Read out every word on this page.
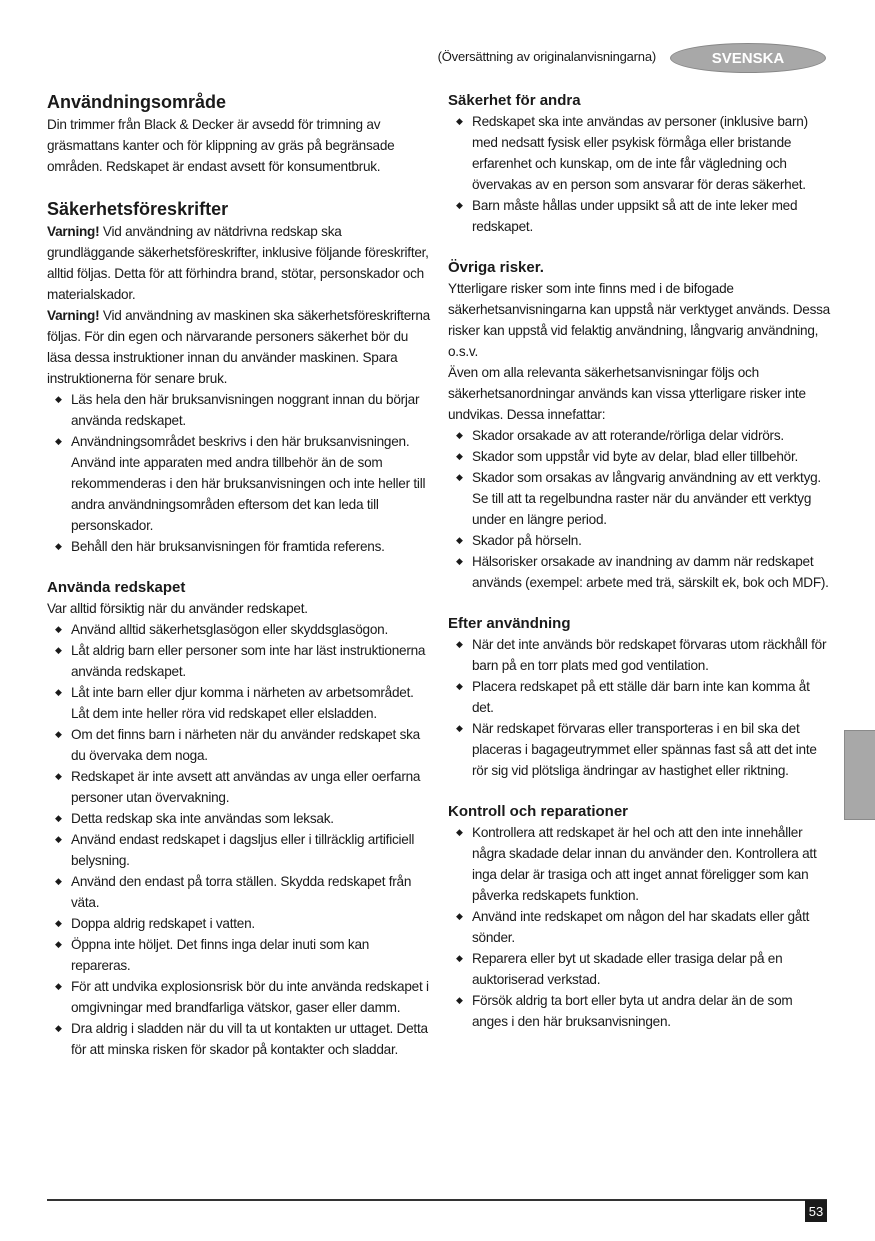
(Översättning av originalanvisningarna)	SVENSKA
Användningsområde

Din trimmer från Black & Decker är avsedd för trimning av gräsmattans kanter och för klippning av gräs på begränsade områden. Redskapet är endast avsett för konsumentbruk.

Säkerhetsföreskrifter

Varning! Vid användning av nätdrivna redskap ska grundläggande säkerhetsföreskrifter, inklusive följande föreskrifter, alltid följas. Detta för att förhindra brand, stötar, personskador och materialskador.

Varning! Vid användning av maskinen ska säkerhetsföreskrifterna följas. För din egen och närvarande personers säkerhet bör du läsa dessa instruktioner innan du använder maskinen. Spara instruktionerna för senare bruk.

◆ Läs hela den här bruksanvisningen noggrant innan du börjar använda redskapet.
◆ Användningsområdet beskrivs i den här bruksanvisningen. Använd inte apparaten med andra tillbehör än de som rekommenderas i den här bruksanvisningen och inte heller till andra användningsområden eftersom det kan leda till personskador.
◆ Behåll den här bruksanvisningen för framtida referens.
Använda redskapet

Var alltid försiktig när du använder redskapet.

◆ Använd alltid säkerhetsglasögon eller skyddsglasögon.
◆ Låt aldrig barn eller personer som inte har läst instruktionerna använda redskapet.
◆ Låt inte barn eller djur komma i närheten av arbetsområdet. Låt dem inte heller röra vid redskapet eller elsladden.
◆ Om det finns barn i närheten när du använder redskapet ska du övervaka dem noga.
◆ Redskapet är inte avsett att användas av unga eller oerfarna personer utan övervakning.
◆ Detta redskap ska inte användas som leksak.
◆ Använd endast redskapet i dagsljus eller i tillräcklig artificiell belysning.
◆ Använd den endast på torra ställen. Skydda redskapet från väta.
◆ Doppa aldrig redskapet i vatten.
◆ Öppna inte höljet. Det finns inga delar inuti som kan repareras.
◆ För att undvika explosionsrisk bör du inte använda redskapet i omgivningar med brandfarliga vätskor, gaser eller damm.
◆ Dra aldrig i sladden när du vill ta ut kontakten ur uttaget. Detta för att minska risken för skador på kontakter och sladdar.
Säkerhet för andra
◆ Redskapet ska inte användas av personer (inklusive barn) med nedsatt fysisk eller psykisk förmåga eller bristande erfarenhet och kunskap, om de inte får vägledning och övervakas av en person som ansvarar för deras säkerhet.
◆ Barn måste hållas under uppsikt så att de inte leker med redskapet.
Övriga risker.

Ytterligare risker som inte finns med i de bifogade säkerhetsanvisningarna kan uppstå när verktyget används. Dessa risker kan uppstå vid felaktig användning, långvarig användning, o.s.v.

Även om alla relevanta säkerhetsanvisningar följs och säkerhetsanordningar används kan vissa ytterligare risker inte undvikas. Dessa innefattar:

◆ Skador orsakade av att roterande/rörliga delar vidrörs.
◆ Skador som uppstår vid byte av delar, blad eller tillbehör.
◆ Skador som orsakas av långvarig användning av ett verktyg. Se till att ta regelbundna raster när du använder ett verktyg under en längre period.
◆ Skador på hörseln.
◆ Hälsorisker orsakade av inandning av damm när redskapet används (exempel: arbete med trä, särskilt ek, bok och MDF).
Efter användning
◆ När det inte används bör redskapet förvaras utom räckhåll för barn på en torr plats med god ventilation.
◆ Placera redskapet på ett ställe där barn inte kan komma åt det.
◆ När redskapet förvaras eller transporteras i en bil ska det placeras i bagageutrymmet eller spännas fast så att det inte rör sig vid plötsliga ändringar av hastighet eller riktning.
Kontroll och reparationer
◆ Kontrollera att redskapet är hel och att den inte innehåller några skadade delar innan du använder den. Kontrollera att inga delar är trasiga och att inget annat föreligger som kan påverka redskapets funktion.
◆ Använd inte redskapet om någon del har skadats eller gått sönder.
◆ Reparera eller byt ut skadade eller trasiga delar på en auktoriserad verkstad.
◆ Försök aldrig ta bort eller byta ut andra delar än de som anges i den här bruksanvisningen.
53
